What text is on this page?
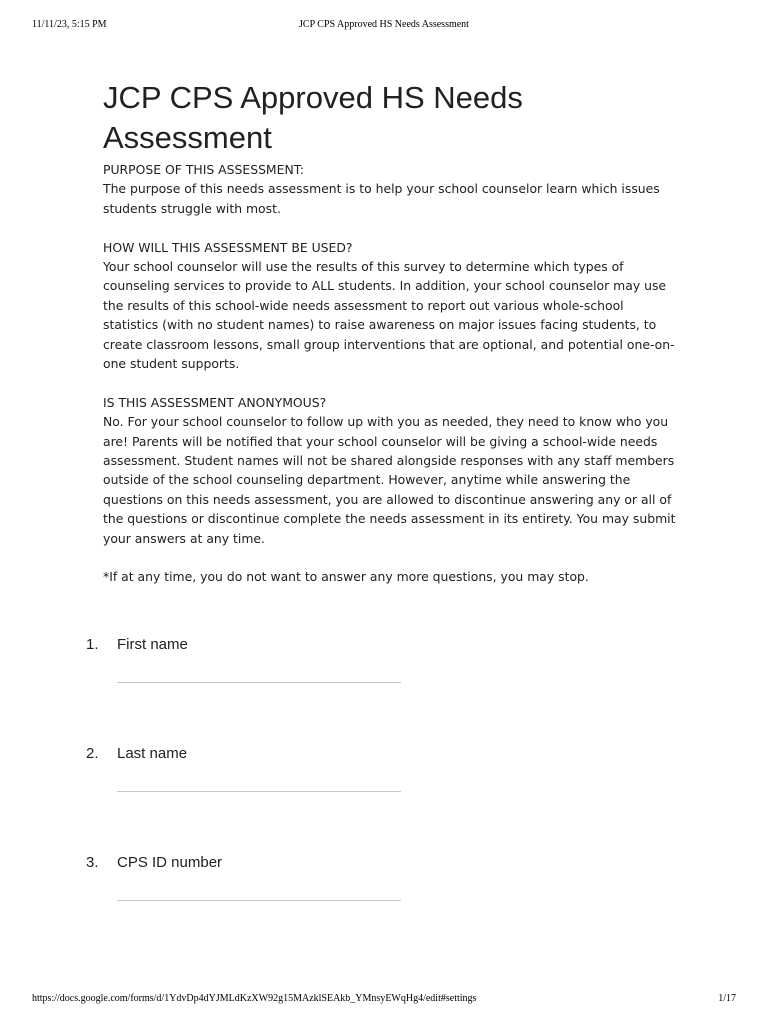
11/11/23, 5:15 PM	JCP CPS Approved HS Needs Assessment
JCP CPS Approved HS Needs Assessment

PURPOSE OF THIS ASSESSMENT:
The purpose of this needs assessment is to help your school counselor learn which issues students struggle with most.

HOW WILL THIS ASSESSMENT BE USED?
Your school counselor will use the results of this survey to determine which types of counseling services to provide to ALL students. In addition, your school counselor may use the results of this school-wide needs assessment to report out various whole-school statistics (with no student names) to raise awareness on major issues facing students, to create classroom lessons, small group interventions that are optional, and potential one-on-one student supports.

IS THIS ASSESSMENT ANONYMOUS?
No. For your school counselor to follow up with you as needed, they need to know who you are! Parents will be notified that your school counselor will be giving a school-wide needs assessment. Student names will not be shared alongside responses with any staff members outside of the school counseling department. However, anytime while answering the questions on this needs assessment, you are allowed to discontinue answering any or all of the questions or discontinue complete the needs assessment in its entirety. You may submit your answers at any time.

*If at any time, you do not want to answer any more questions, you may stop.

1. First name
2. Last name
3. CPS ID number
https://docs.google.com/forms/d/1YdvDp4dYJMLdKzXW92g15MAzklSEAkb_YMnsyEWqHg4/edit#settings	1/17
